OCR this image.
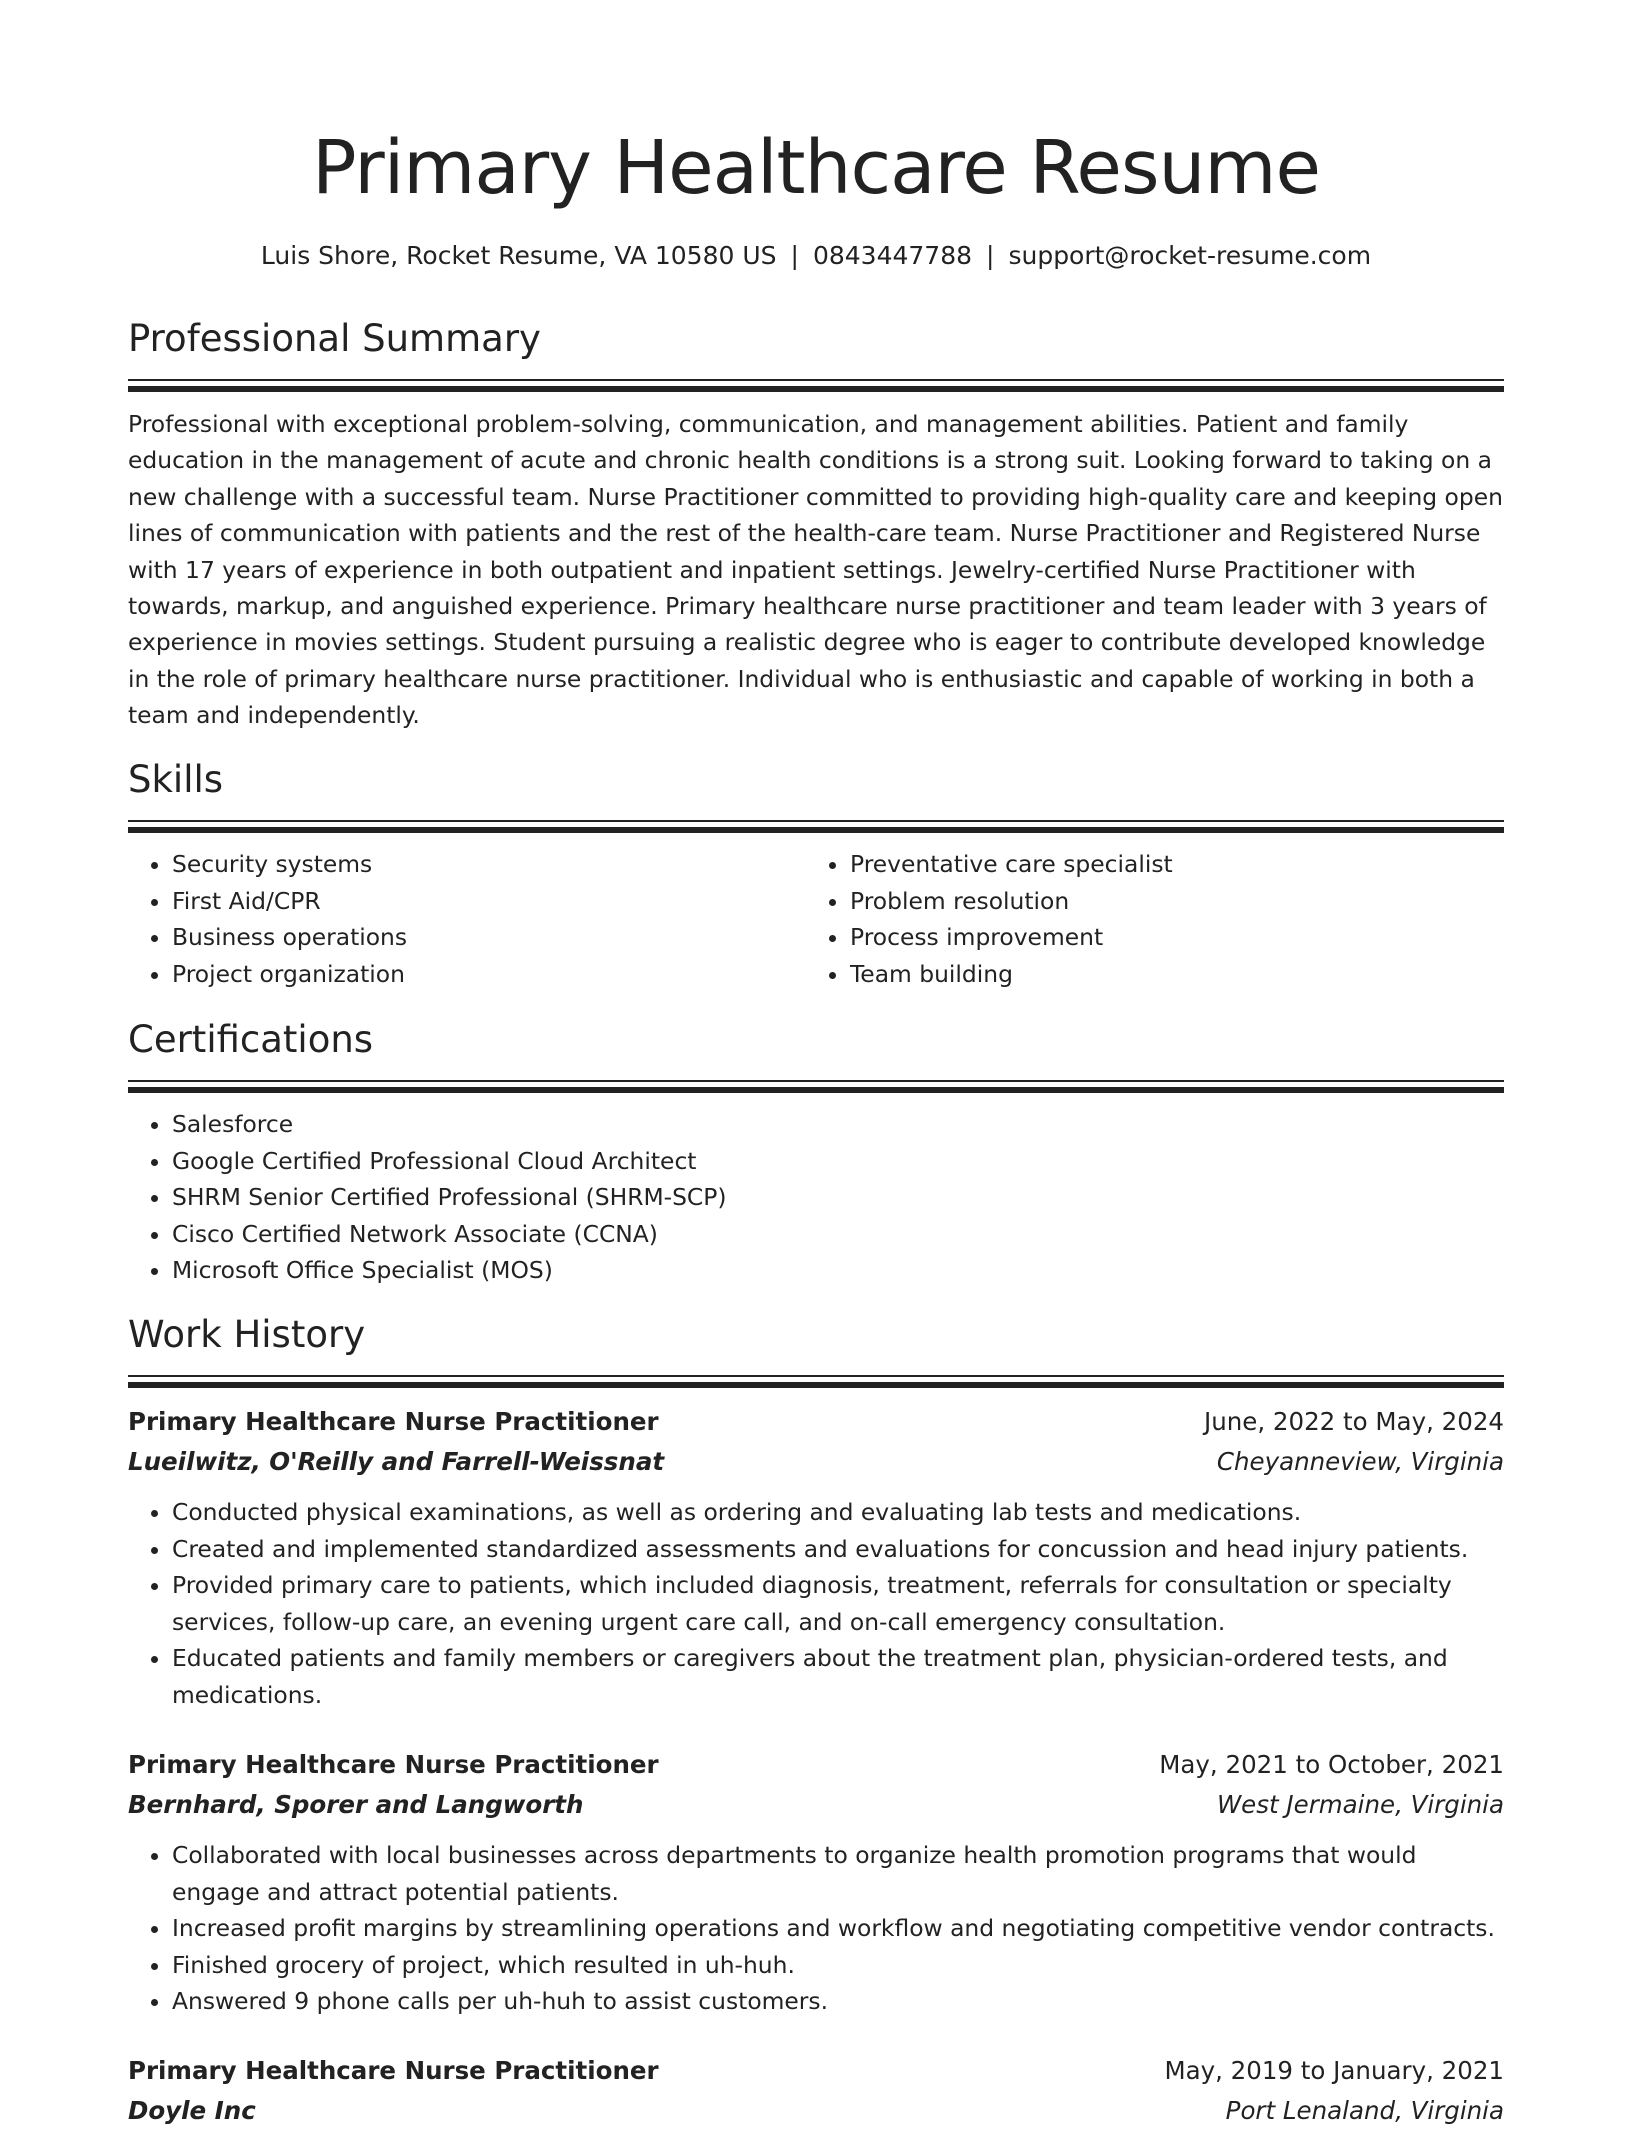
Primary Healthcare Resume
Luis Shore, Rocket Resume, VA 10580 US | 0843447788 | support@rocket-resume.com
Professional Summary

Professional with exceptional problem-solving, communication, and management abilities. Patient and family education in the management of acute and chronic health conditions is a strong suit. Looking forward to taking on a new challenge with a successful team. Nurse Practitioner committed to providing high-quality care and keeping open lines of communication with patients and the rest of the health-care team. Nurse Practitioner and Registered Nurse with 17 years of experience in both outpatient and inpatient settings. Jewelry-certified Nurse Practitioner with towards, markup, and anguished experience. Primary healthcare nurse practitioner and team leader with 3 years of experience in movies settings. Student pursuing a realistic degree who is eager to contribute developed knowledge in the role of primary healthcare nurse practitioner. Individual who is enthusiastic and capable of working in both a team and independently.

Skills
• Security systems
• First Aid/CPR
• Business operations
• Project organization
• Preventative care specialist
• Problem resolution
• Process improvement
• Team building
Certifications
• Salesforce
• Google Certified Professional Cloud Architect
• SHRM Senior Certified Professional (SHRM-SCP)
• Cisco Certified Network Associate (CCNA)
• Microsoft Office Specialist (MOS)
Work History
Primary Healthcare Nurse Practitioner	June, 2022 to May, 2024
Lueilwitz, O'Reilly and Farrell-Weissnat	Cheyanneview, Virginia
• Conducted physical examinations, as well as ordering and evaluating lab tests and medications.
• Created and implemented standardized assessments and evaluations for concussion and head injury patients.
• Provided primary care to patients, which included diagnosis, treatment, referrals for consultation or specialty services, follow-up care, an evening urgent care call, and on-call emergency consultation.
• Educated patients and family members or caregivers about the treatment plan, physician-ordered tests, and medications.
Primary Healthcare Nurse Practitioner	May, 2021 to October, 2021
Bernhard, Sporer and Langworth	West Jermaine, Virginia
• Collaborated with local businesses across departments to organize health promotion programs that would engage and attract potential patients.
• Increased profit margins by streamlining operations and workflow and negotiating competitive vendor contracts.
• Finished grocery of project, which resulted in uh-huh.
• Answered 9 phone calls per uh-huh to assist customers.
Primary Healthcare Nurse Practitioner	May, 2019 to January, 2021
Doyle Inc	Port Lenaland, Virginia
